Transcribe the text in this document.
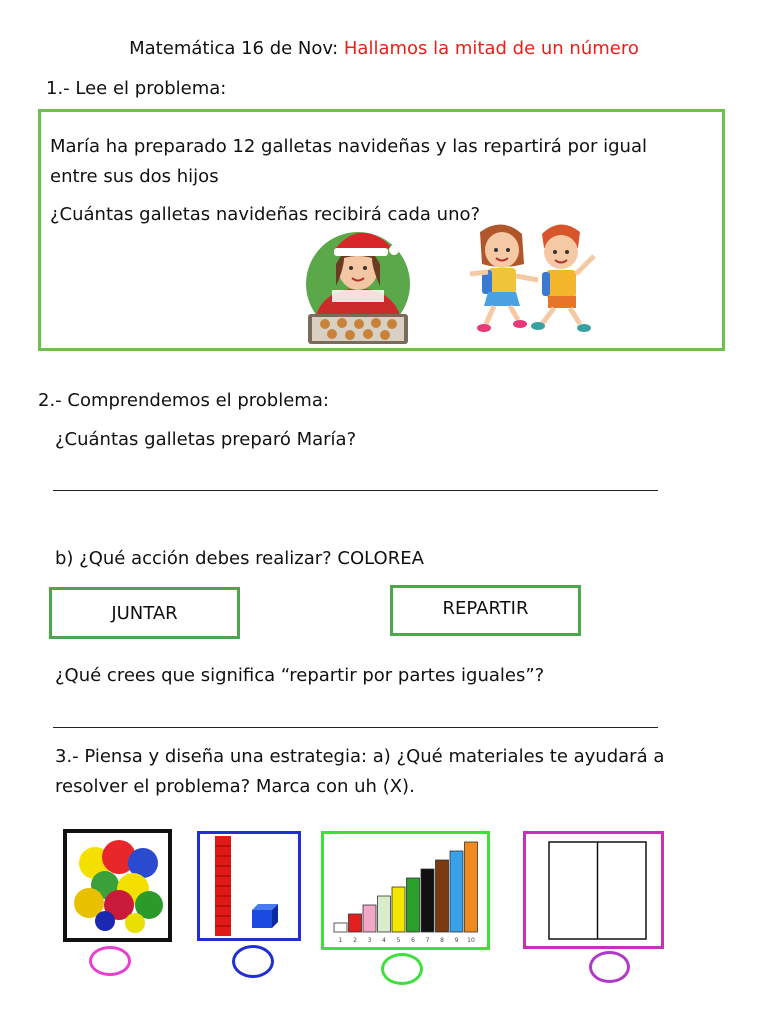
Matemática 16 de Nov: Hallamos la mitad de un número
1.- Lee el problema:
María ha preparado 12 galletas navideñas y las repartirá por igual
entre sus dos hijos
¿Cuántas galletas navideñas recibirá cada uno?
2.- Comprendemos el problema:
¿Cuántas galletas preparó María?
b) ¿Qué acción debes realizar? COLOREA
JUNTAR	REPARTIR
¿Qué crees que significa “repartir por partes iguales”?
3.- Piensa y diseña una estrategia: a) ¿Qué materiales te ayudará a
resolver el problema? Marca con uh (X).
1 2 3 4 5 6 7 8 9 10
